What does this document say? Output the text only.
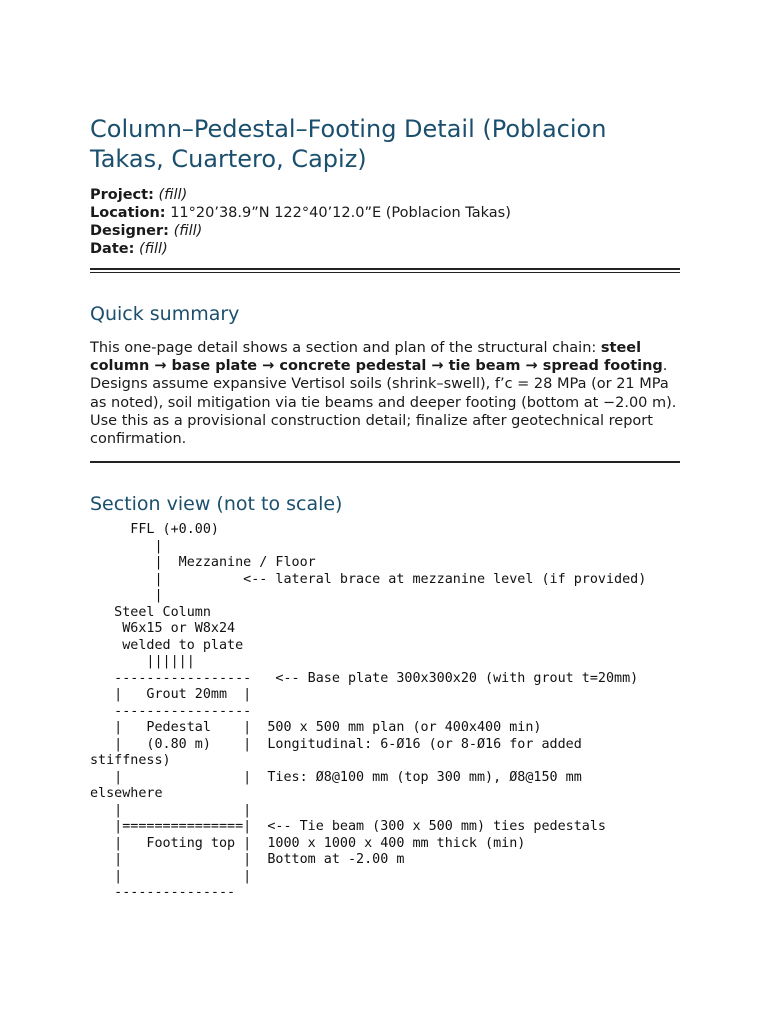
Column–Pedestal–Footing Detail (Poblacion Takas, Cuartero, Capiz)
Project: (fill)
Location: 11°20’38.9”N 122°40’12.0”E (Poblacion Takas)
Designer: (fill)
Date: (fill)
Quick summary
This one-page detail shows a section and plan of the structural chain: steel column → base plate → concrete pedestal → tie beam → spread footing. Designs assume expansive Vertisol soils (shrink–swell), f’c = 28 MPa (or 21 MPa as noted), soil mitigation via tie beams and deeper footing (bottom at −2.00 m). Use this as a provisional construction detail; finalize after geotechnical report confirmation.
Section view (not to scale)
FFL (+0.00)
|
|  Mezzanine / Floor
|          <-- lateral brace at mezzanine level (if provided)
|
Steel Column
W6x15 or W8x24
welded to plate
||||||
-----------------   <-- Base plate 300x300x20 (with grout t=20mm)
|   Grout 20mm  |
-----------------
|   Pedestal    |  500 x 500 mm plan (or 400x400 min)
|   (0.80 m)    |  Longitudinal: 6-Ø16 (or 8-Ø16 for added
stiffness)
|               |  Ties: Ø8@100 mm (top 300 mm), Ø8@150 mm
elsewhere
|               |
|===============|  <-- Tie beam (300 x 500 mm) ties pedestals
|   Footing top |  1000 x 1000 x 400 mm thick (min)
|               |  Bottom at -2.00 m
|               |
---------------
